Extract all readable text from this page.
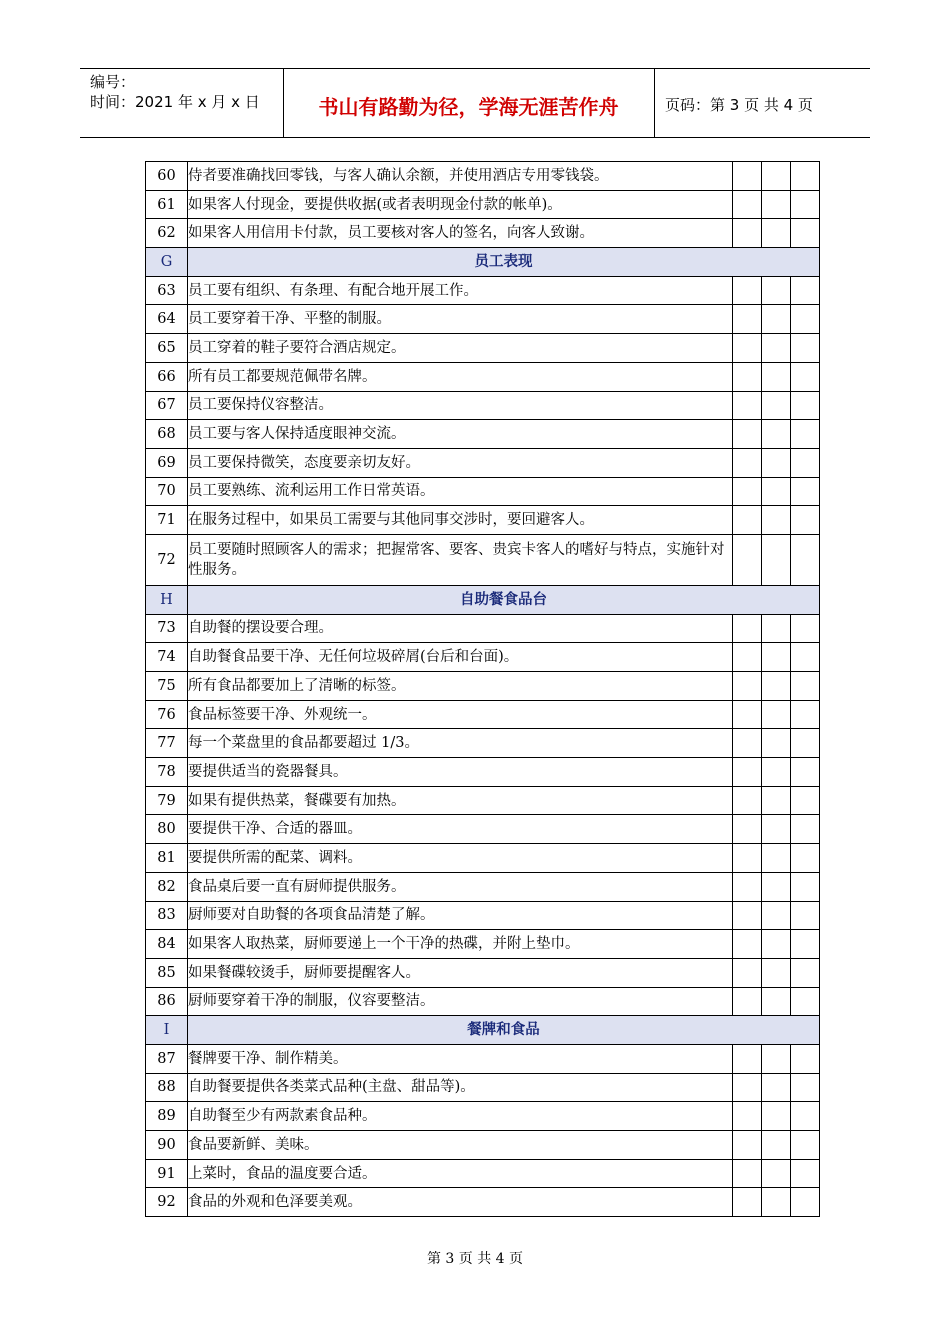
编号：
时间：2021 年 x 月 x 日	书山有路勤为径，学海无涯苦作舟	页码：第 3 页 共 4 页
60	侍者要准确找回零钱，与客人确认余额，并使用酒店专用零钱袋。			
61	如果客人付现金，要提供收据(或者表明现金付款的帐单)。			
62	如果客人用信用卡付款，员工要核对客人的签名，向客人致谢。			
G	员工表现			
63	员工要有组织、有条理、有配合地开展工作。			
64	员工要穿着干净、平整的制服。			
65	员工穿着的鞋子要符合酒店规定。			
66	所有员工都要规范佩带名牌。			
67	员工要保持仪容整洁。			
68	员工要与客人保持适度眼神交流。			
69	员工要保持微笑，态度要亲切友好。			
70	员工要熟练、流利运用工作日常英语。			
71	在服务过程中，如果员工需要与其他同事交涉时，要回避客人。			
72	员工要随时照顾客人的需求；把握常客、要客、贵宾卡客人的嗜好与特点，实施针对性服务。			
H	自助餐食品台			
73	自助餐的摆设要合理。			
74	自助餐食品要干净、无任何垃圾碎屑(台后和台面)。			
75	所有食品都要加上了清晰的标签。			
76	食品标签要干净、外观统一。			
77	每一个菜盘里的食品都要超过 1/3。			
78	要提供适当的瓷器餐具。			
79	如果有提供热菜，餐碟要有加热。			
80	要提供干净、合适的器皿。			
81	要提供所需的配菜、调料。			
82	食品桌后要一直有厨师提供服务。			
83	厨师要对自助餐的各项食品清楚了解。			
84	如果客人取热菜，厨师要递上一个干净的热碟，并附上垫巾。			
85	如果餐碟较烫手，厨师要提醒客人。			
86	厨师要穿着干净的制服，仪容要整洁。			
I	餐牌和食品			
87	餐牌要干净、制作精美。			
88	自助餐要提供各类菜式品种(主盘、甜品等)。			
89	自助餐至少有两款素食品种。			
90	食品要新鲜、美味。			
91	上菜时，食品的温度要合适。			
92	食品的外观和色泽要美观。			
第 3 页 共 4 页
